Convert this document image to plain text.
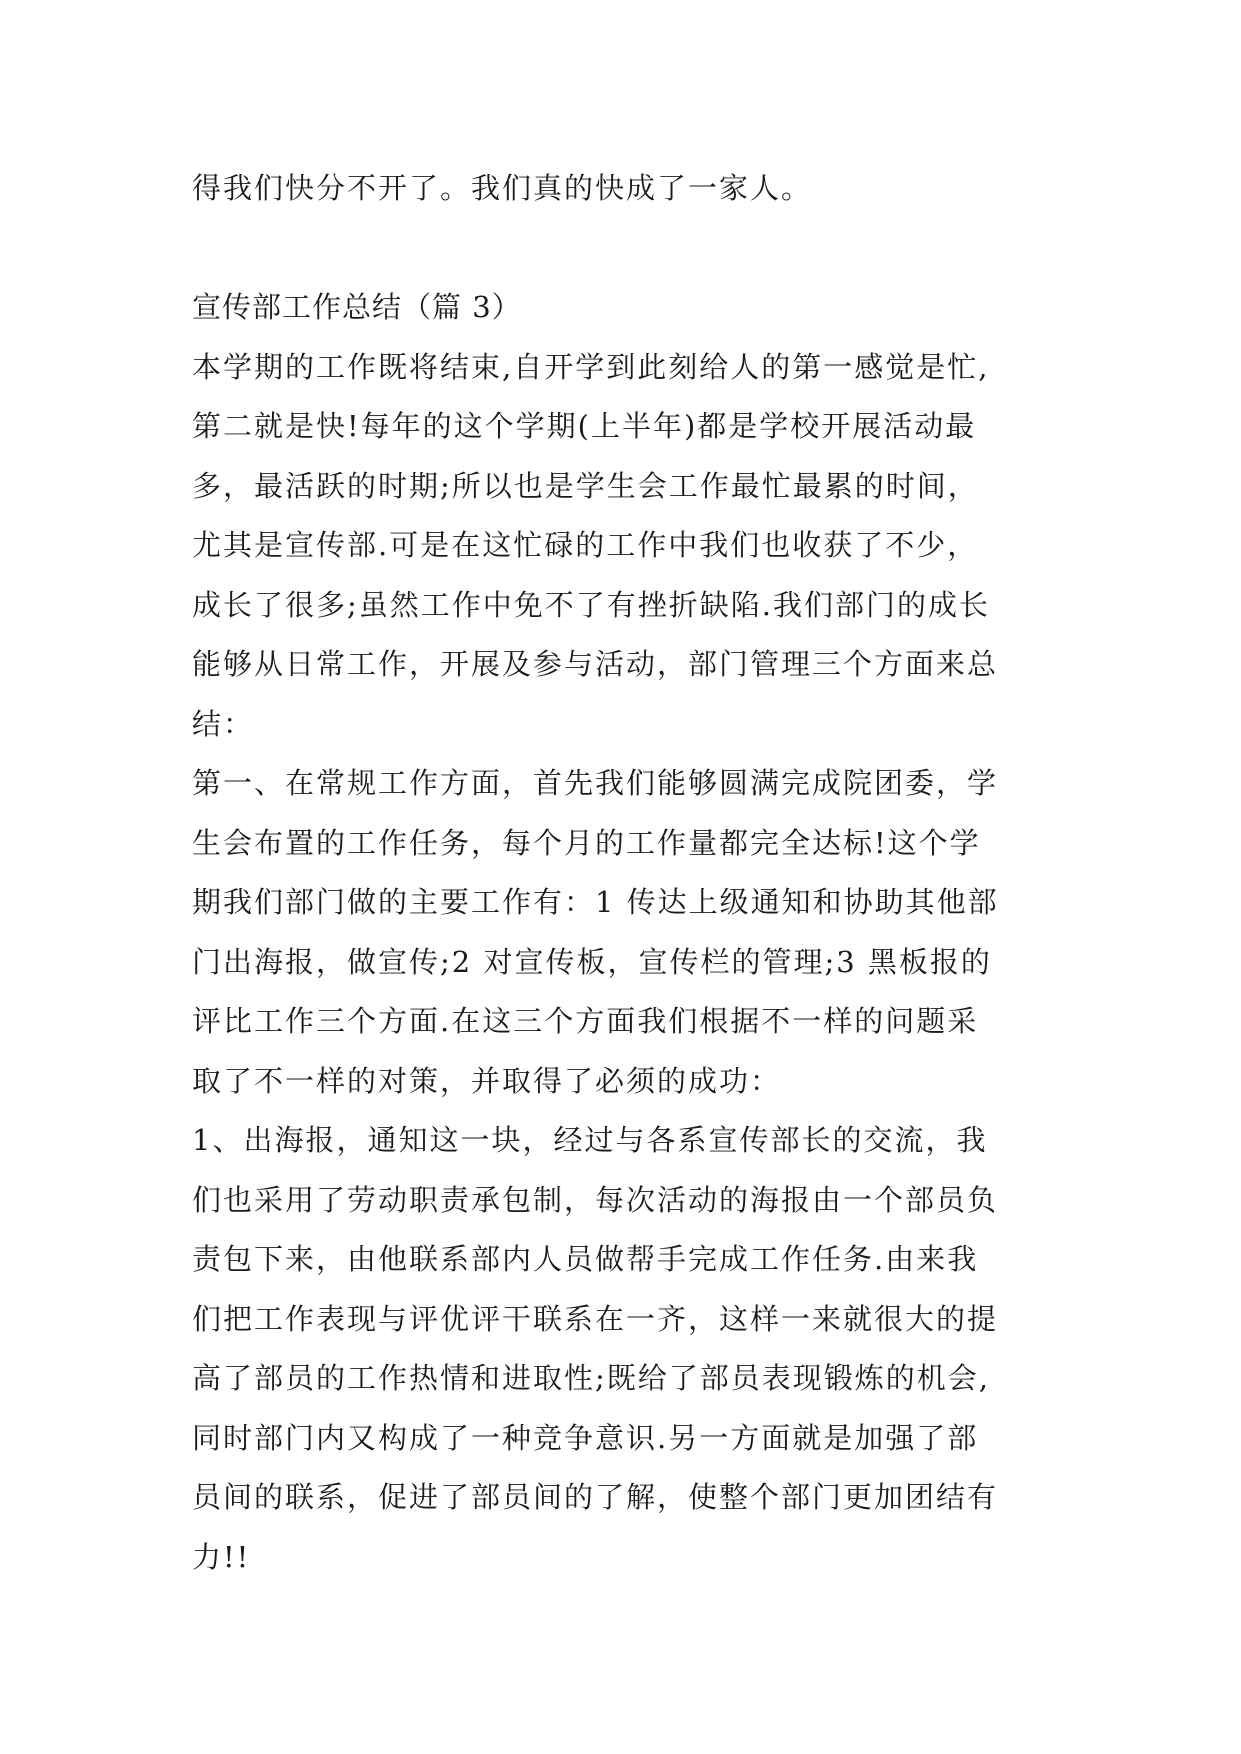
得我们快分不开了。我们真的快成了一家人。
宣传部工作总结（篇 3）
本学期的工作既将结束,自开学到此刻给人的第一感觉是忙,
第二就是快!每年的这个学期(上半年)都是学校开展活动最
多，最活跃的时期;所以也是学生会工作最忙最累的时间，
尤其是宣传部.可是在这忙碌的工作中我们也收获了不少，
成长了很多;虽然工作中免不了有挫折缺陷.我们部门的成长
能够从日常工作，开展及参与活动，部门管理三个方面来总
结：
第一、在常规工作方面，首先我们能够圆满完成院团委，学
生会布置的工作任务，每个月的工作量都完全达标!这个学
期我们部门做的主要工作有：1 传达上级通知和协助其他部
门出海报，做宣传;2 对宣传板，宣传栏的管理;3 黑板报的
评比工作三个方面.在这三个方面我们根据不一样的问题采
取了不一样的对策，并取得了必须的成功：
1、出海报，通知这一块，经过与各系宣传部长的交流，我
们也采用了劳动职责承包制，每次活动的海报由一个部员负
责包下来，由他联系部内人员做帮手完成工作任务.由来我
们把工作表现与评优评干联系在一齐，这样一来就很大的提
高了部员的工作热情和进取性;既给了部员表现锻炼的机会,
同时部门内又构成了一种竞争意识.另一方面就是加强了部
员间的联系，促进了部员间的了解，使整个部门更加团结有
力!!
